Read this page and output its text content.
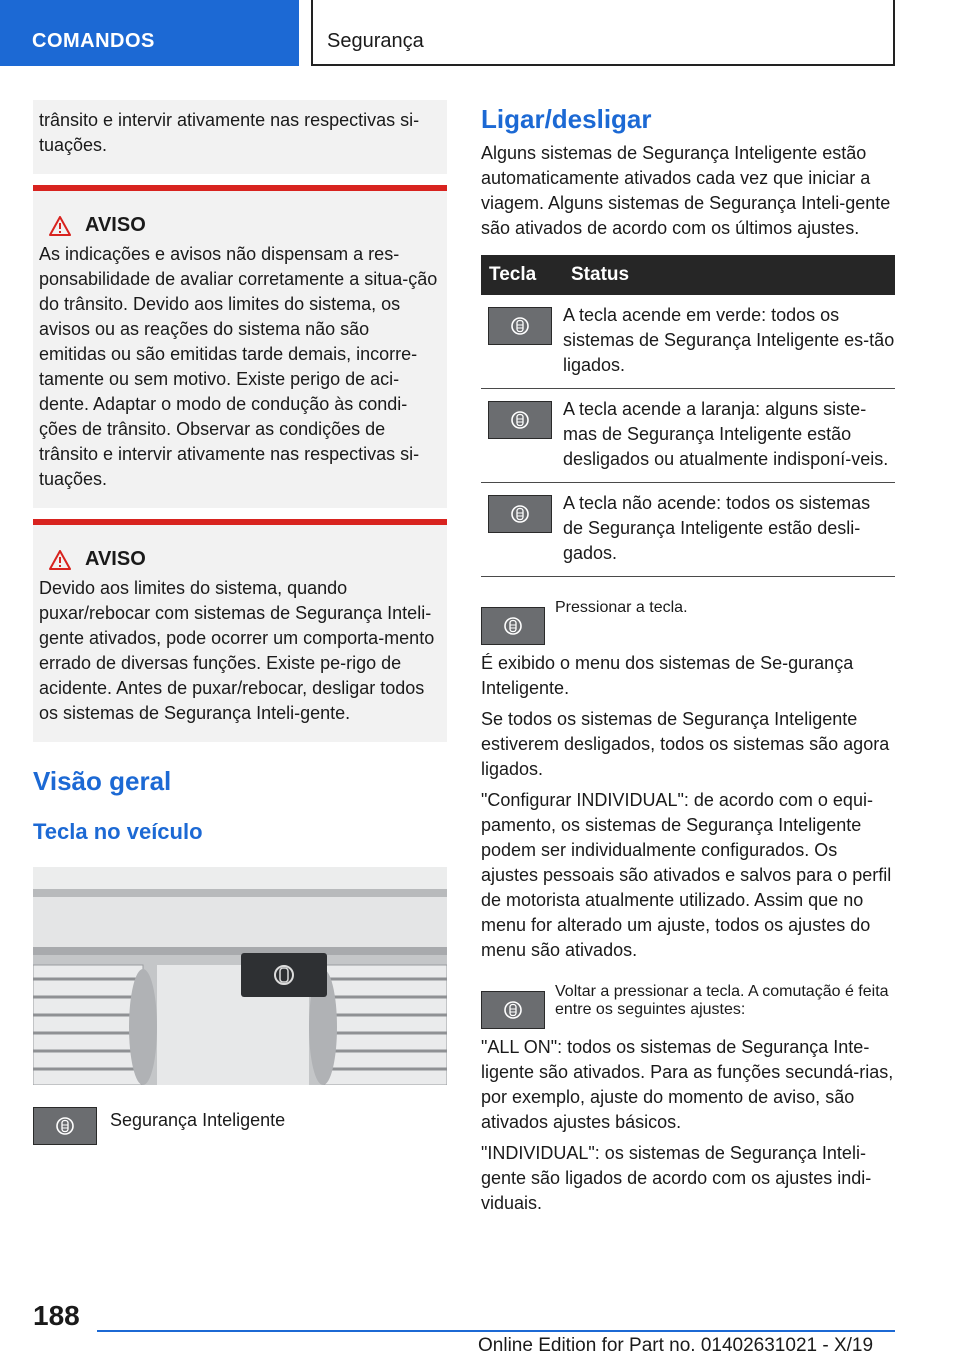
COMANDOS	Segurança

trânsito e intervir ativamente nas respectivas si-tuações.

AVISO

As indicações e avisos não dispensam a res-ponsabilidade de avaliar corretamente a situa-ção do trânsito. Devido aos limites do sistema, os avisos ou as reações do sistema não são emitidas ou são emitidas tarde demais, incorre-tamente ou sem motivo. Existe perigo de aci-dente. Adaptar o modo de condução às condi-ções de trânsito. Observar as condições de trânsito e intervir ativamente nas respectivas si-tuações.

AVISO

Devido aos limites do sistema, quando puxar/rebocar com sistemas de Segurança Inteli-gente ativados, pode ocorrer um comporta-mento errado de diversas funções. Existe pe-rigo de acidente. Antes de puxar/rebocar, desligar todos os sistemas de Segurança Inteli-gente.

Visão geral
Tecla no veículo
Segurança Inteligente
Ligar/desligar

Alguns sistemas de Segurança Inteligente estão automaticamente ativados cada vez que iniciar a viagem. Alguns sistemas de Segurança Inteli-gente são ativados de acordo com os últimos ajustes.

Tecla	Status

	A tecla acende em verde: todos os sistemas de Segurança Inteligente es-tão ligados.

	A tecla acende a laranja: alguns siste-mas de Segurança Inteligente estão desligados ou atualmente indisponí-veis.

	A tecla não acende: todos os sistemas de Segurança Inteligente estão desli-gados.
Pressionar a tecla.

É exibido o menu dos sistemas de Se-gurança Inteligente.

Se todos os sistemas de Segurança Inteligente estiverem desligados, todos os sistemas são agora ligados.

"Configurar INDIVIDUAL": de acordo com o equi-pamento, os sistemas de Segurança Inteligente podem ser individualmente configurados. Os ajustes pessoais são ativados e salvos para o perfil de motorista atualmente utilizado. Assim que no menu for alterado um ajuste, todos os ajustes do menu são ativados.

Voltar a pressionar a tecla. A comutação é feita entre os seguintes ajustes:

"ALL ON": todos os sistemas de Segurança Inte-ligente são ativados. Para as funções secundá-rias, por exemplo, ajuste do momento de aviso, são ativados ajustes básicos.

"INDIVIDUAL": os sistemas de Segurança Inteli-gente são ligados de acordo com os ajustes indi-viduais.

188
Online Edition for Part no. 01402631021 - X/19
